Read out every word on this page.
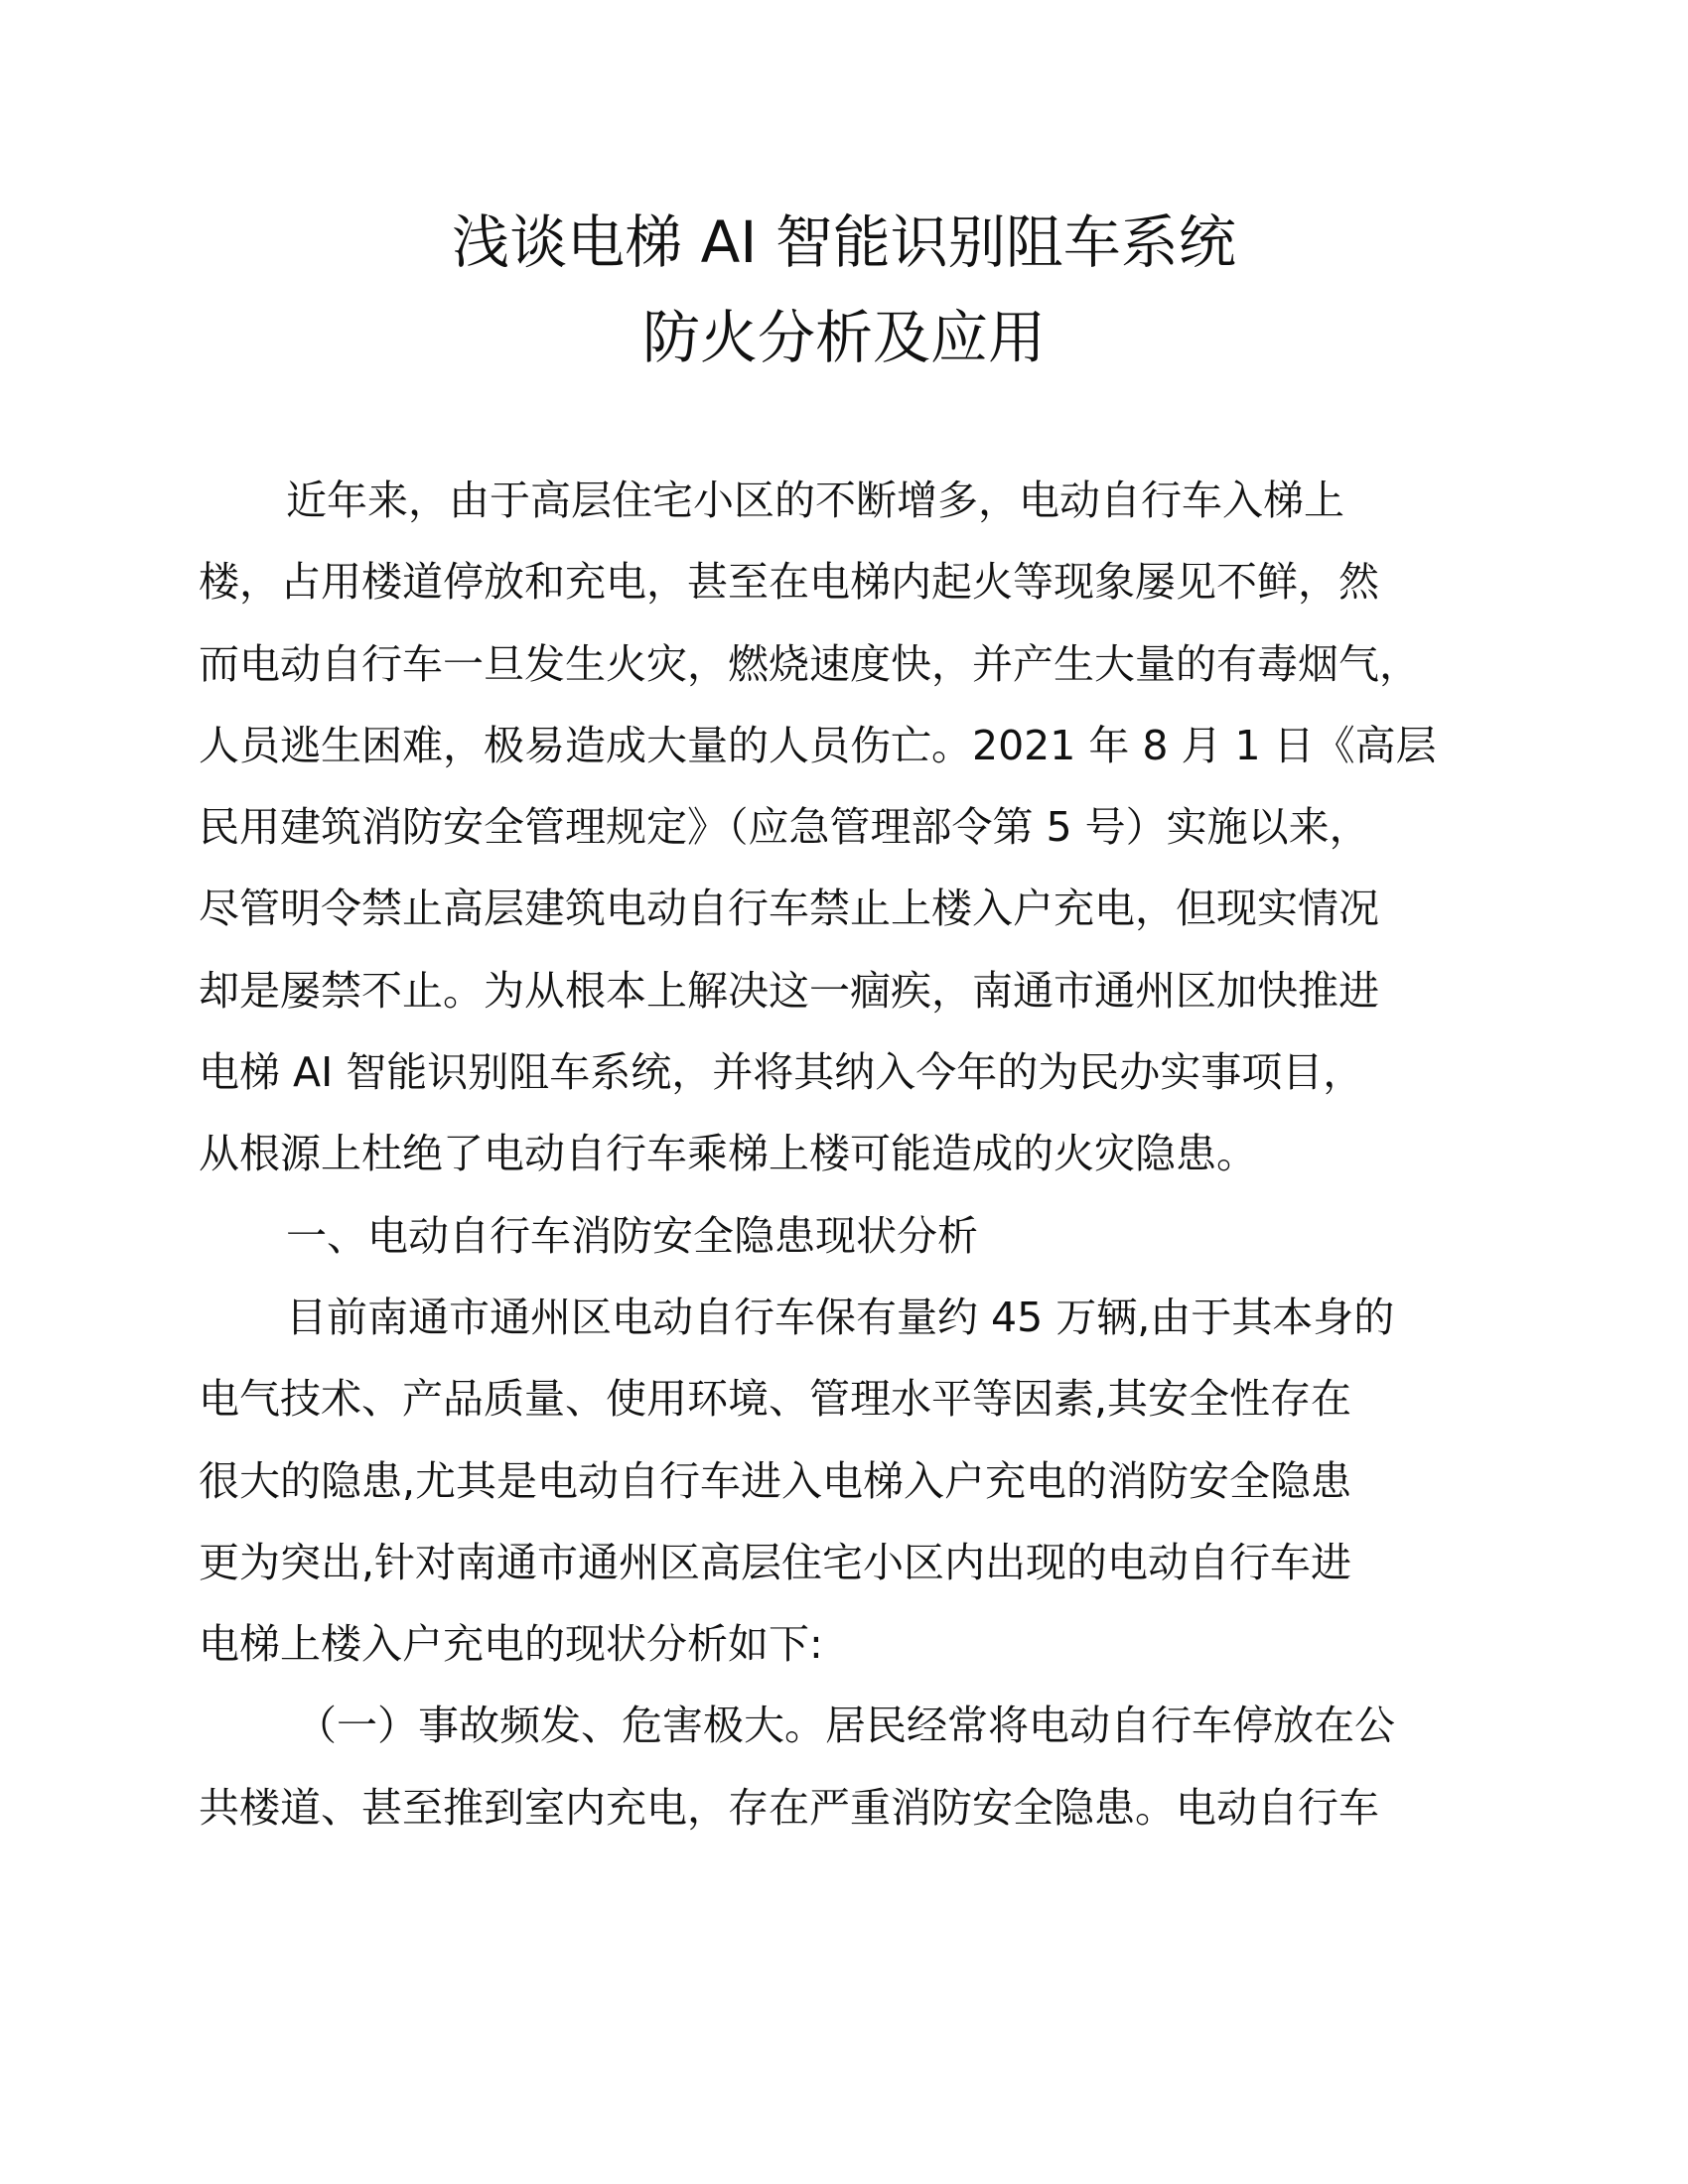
浅谈电梯 AI 智能识别阻车系统
防火分析及应用
近年来，由于高层住宅小区的不断增多，电动自行车入梯上
楼，占用楼道停放和充电，甚至在电梯内起火等现象屡见不鲜，然
而电动自行车一旦发生火灾，燃烧速度快，并产生大量的有毒烟气，
人员逃生困难，极易造成大量的人员伤亡。2021 年 8 月 1 日《高层
民用建筑消防安全管理规定》（应急管理部令第 5 号）实施以来，
尽管明令禁止高层建筑电动自行车禁止上楼入户充电，但现实情况
却是屡禁不止。为从根本上解决这一痼疾，南通市通州区加快推进
电梯 AI 智能识别阻车系统，并将其纳入今年的为民办实事项目，
从根源上杜绝了电动自行车乘梯上楼可能造成的火灾隐患。
一、电动自行车消防安全隐患现状分析
目前南通市通州区电动自行车保有量约 45 万辆,由于其本身的
电气技术、产品质量、使用环境、管理水平等因素,其安全性存在
很大的隐患,尤其是电动自行车进入电梯入户充电的消防安全隐患
更为突出,针对南通市通州区高层住宅小区内出现的电动自行车进
电梯上楼入户充电的现状分析如下:
（一）事故频发、危害极大。居民经常将电动自行车停放在公
共楼道、甚至推到室内充电，存在严重消防安全隐患。电动自行车
